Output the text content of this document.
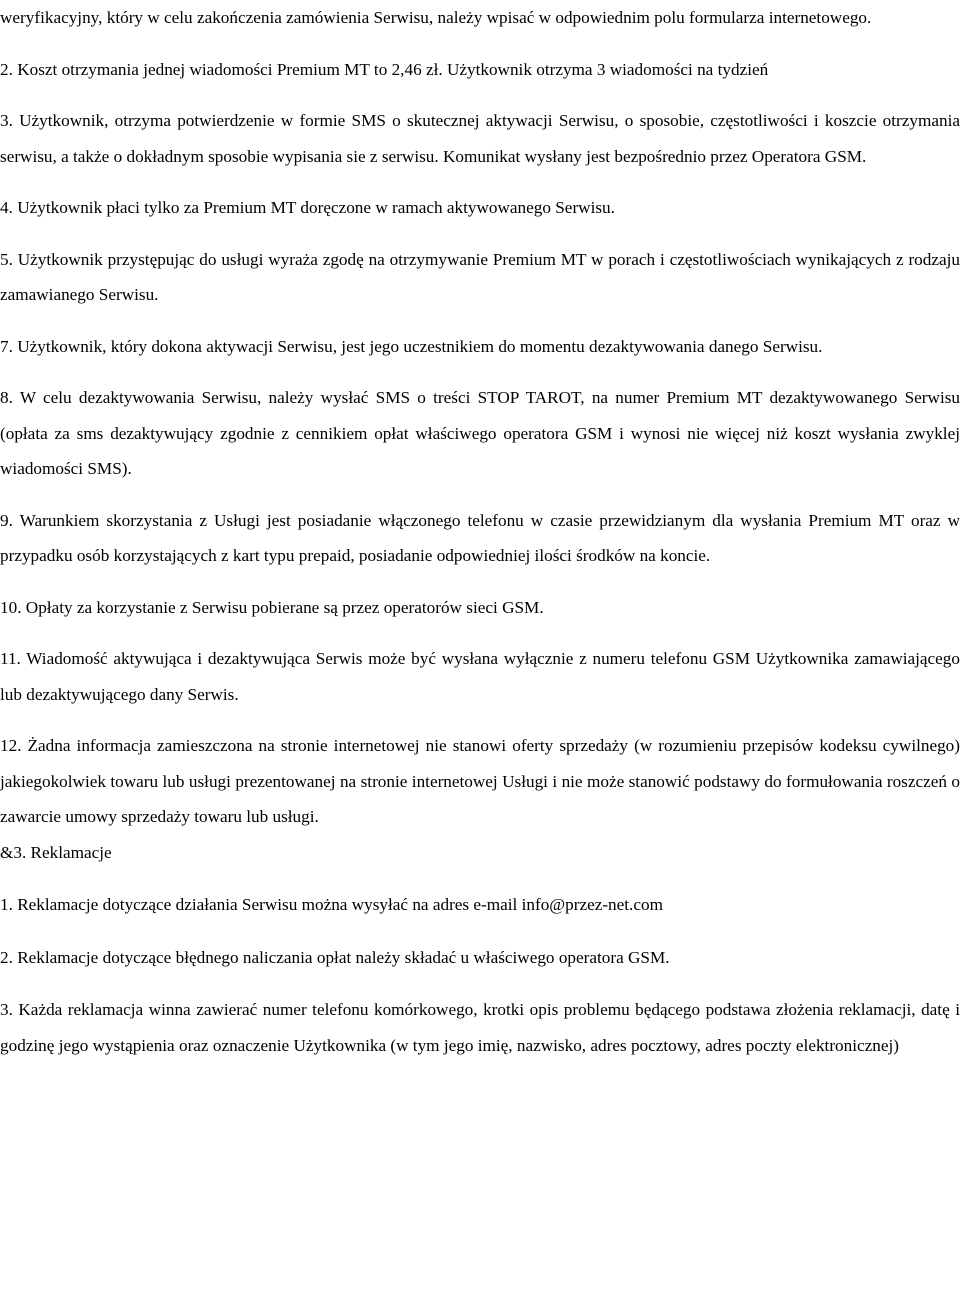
weryfikacyjny, który w celu zakończenia zamówienia Serwisu, należy wpisać w odpowiednim polu formularza internetowego.

2. Koszt otrzymania jednej wiadomości Premium MT to 2,46 zł. Użytkownik otrzyma 3 wiadomości na tydzień

3. Użytkownik, otrzyma potwierdzenie w formie SMS o skutecznej aktywacji Serwisu, o sposobie, częstotliwości i koszcie otrzymania serwisu, a także o dokładnym sposobie wypisania sie z serwisu. Komunikat wysłany jest bezpośrednio przez Operatora GSM.

4. Użytkownik płaci tylko za Premium MT doręczone w ramach aktywowanego Serwisu.

5. Użytkownik przystępując do usługi wyraża zgodę na otrzymywanie Premium MT w porach i częstotliwościach wynikających z rodzaju zamawianego Serwisu.

7. Użytkownik, który dokona aktywacji Serwisu, jest jego uczestnikiem do momentu dezaktywowania danego Serwisu.

8. W celu dezaktywowania Serwisu, należy wysłać SMS o treści STOP TAROT, na numer Premium MT dezaktywowanego Serwisu (opłata za sms dezaktywujący zgodnie z cennikiem opłat właściwego operatora GSM i wynosi nie więcej niż koszt wysłania zwyklej wiadomości SMS).

9. Warunkiem skorzystania z Usługi jest posiadanie włączonego telefonu w czasie przewidzianym dla wysłania Premium MT oraz w przypadku osób korzystających z kart typu prepaid, posiadanie odpowiedniej ilości środków na koncie.

10. Opłaty za korzystanie z Serwisu pobierane są przez operatorów sieci GSM.

11. Wiadomość aktywująca i dezaktywująca Serwis może być wysłana wyłącznie z numeru telefonu GSM Użytkownika zamawiającego lub dezaktywującego dany Serwis.

12. Żadna informacja zamieszczona na stronie internetowej nie stanowi oferty sprzedaży (w rozumieniu przepisów kodeksu cywilnego) jakiegokolwiek towaru lub usługi prezentowanej na stronie internetowej Usługi i nie może stanowić podstawy do formułowania roszczeń o zawarcie umowy sprzedaży towaru lub usługi.

&3. Reklamacje

1. Reklamacje dotyczące działania Serwisu można wysyłać na adres e-mail info@przez-net.com

2. Reklamacje dotyczące błędnego naliczania opłat należy składać u właściwego operatora GSM.

3. Każda reklamacja winna zawierać numer telefonu komórkowego, krotki opis problemu będącego podstawa złożenia reklamacji, datę i godzinę jego wystąpienia oraz oznaczenie Użytkownika (w tym jego imię, nazwisko, adres pocztowy, adres poczty elektronicznej)
